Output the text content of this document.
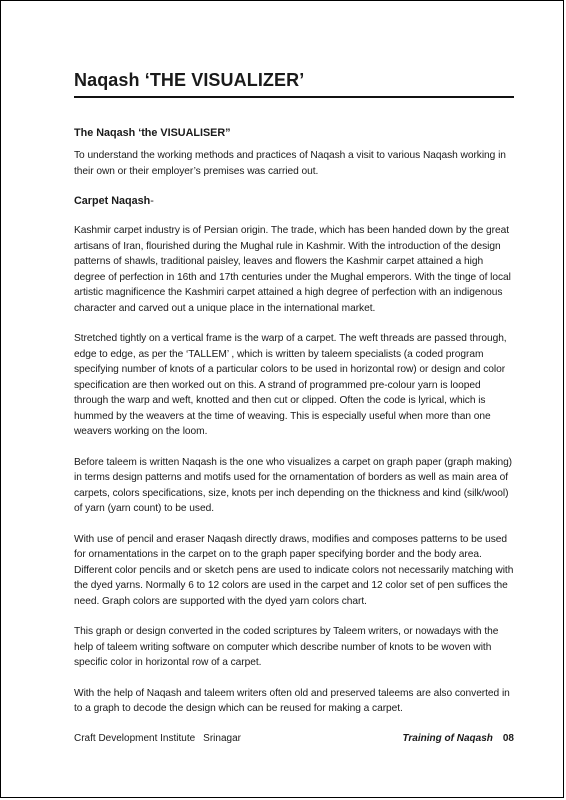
Naqash ‘THE VISUALIZER’

The Naqash ‘the VISUALISER”

To understand the working methods and practices of Naqash a visit to various Naqash working in their own or their employer’s premises was carried out.

Carpet Naqash-

Kashmir carpet industry is of Persian origin. The trade, which has been handed down by the great artisans of Iran, flourished during the Mughal rule in Kashmir. With the introduction of the design patterns of shawls, traditional paisley, leaves and flowers the Kashmir carpet attained a high degree of perfection in 16th and 17th centuries under the Mughal emperors. With the tinge of local artistic magnificence the Kashmiri carpet attained a high degree of perfection with an indigenous character and carved out a unique place in the international market.

Stretched tightly on a vertical frame is the warp of a carpet. The weft threads are passed through, edge to edge, as per the ‘TALLEM’ , which is written by taleem specialists (a coded program specifying number of knots of a particular colors to be used in horizontal row) or design and color specification are then worked out on this. A strand of programmed pre-colour yarn is looped through the warp and weft, knotted and then cut or clipped. Often the code is lyrical, which is hummed by the weavers at the time of weaving. This is especially useful when more than one weavers working on the loom.

Before taleem is written Naqash is the one who visualizes a carpet on graph paper (graph making) in terms design patterns and motifs used for the ornamentation of borders as well as main area of carpets, colors specifications, size, knots per inch depending on the thickness and kind (silk/wool) of yarn (yarn count) to be used.

With use of pencil and eraser Naqash directly draws, modifies and composes patterns to be used for ornamentations in the carpet on to the graph paper specifying border and the body area. Different color pencils and or sketch pens are used to indicate colors not necessarily matching with the dyed yarns. Normally 6 to 12 colors are used in the carpet and 12 color set of pen suffices the need. Graph colors are supported with the dyed yarn colors chart.

This graph or design converted in the coded scriptures by Taleem writers, or nowadays with the help of taleem writing software on computer which describe number of knots to be woven with specific color in horizontal row of a carpet.

With the help of Naqash and taleem writers often old and preserved taleems are also converted in to a graph to decode the design which can be reused for making a carpet.

Craft Development Institute Srinagar	Training of Naqash 08
